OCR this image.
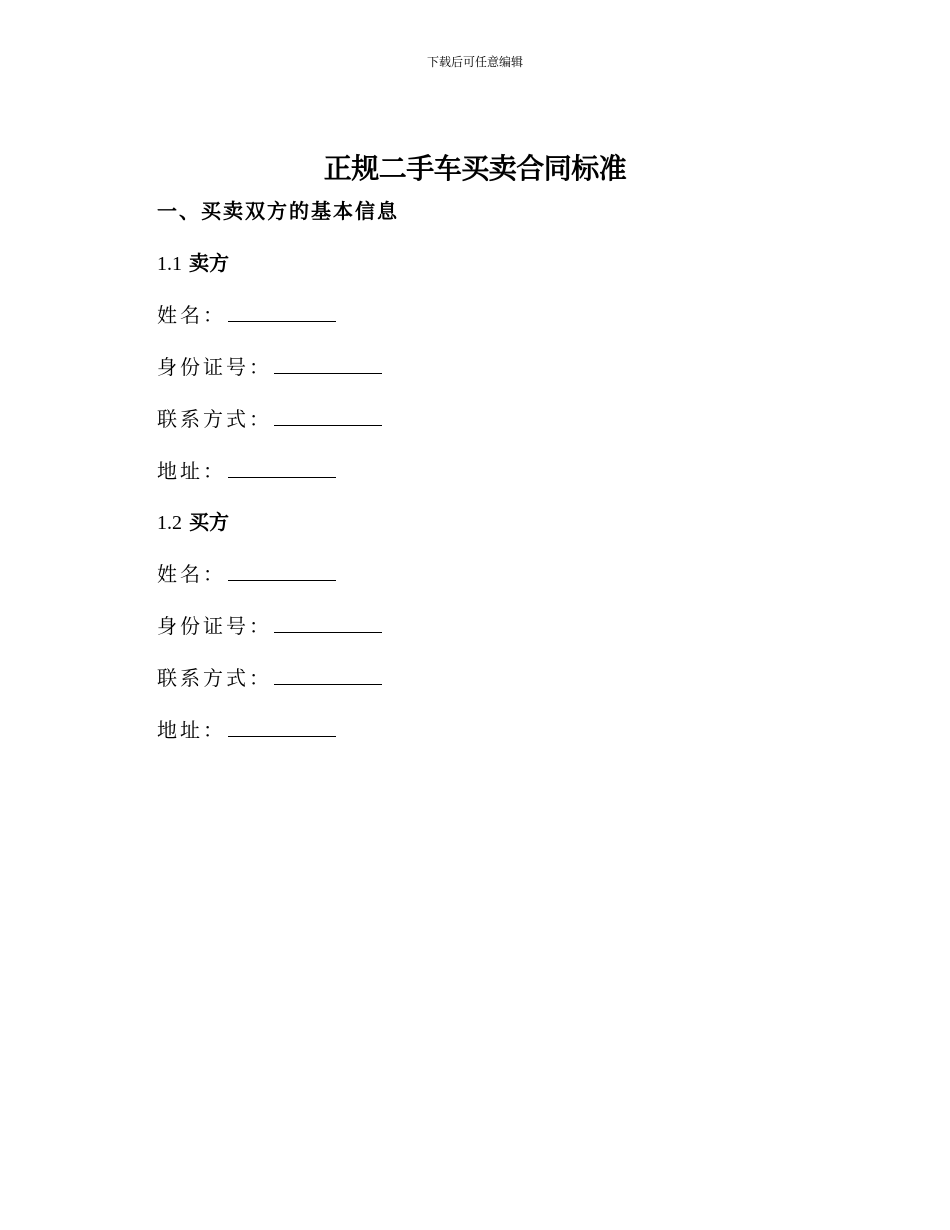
下载后可任意编辑
正规二手车买卖合同标准
一、买卖双方的基本信息
1.1 卖方
姓名：
身份证号：
联系方式：
地址：
1.2 买方
姓名：
身份证号：
联系方式：
地址：
